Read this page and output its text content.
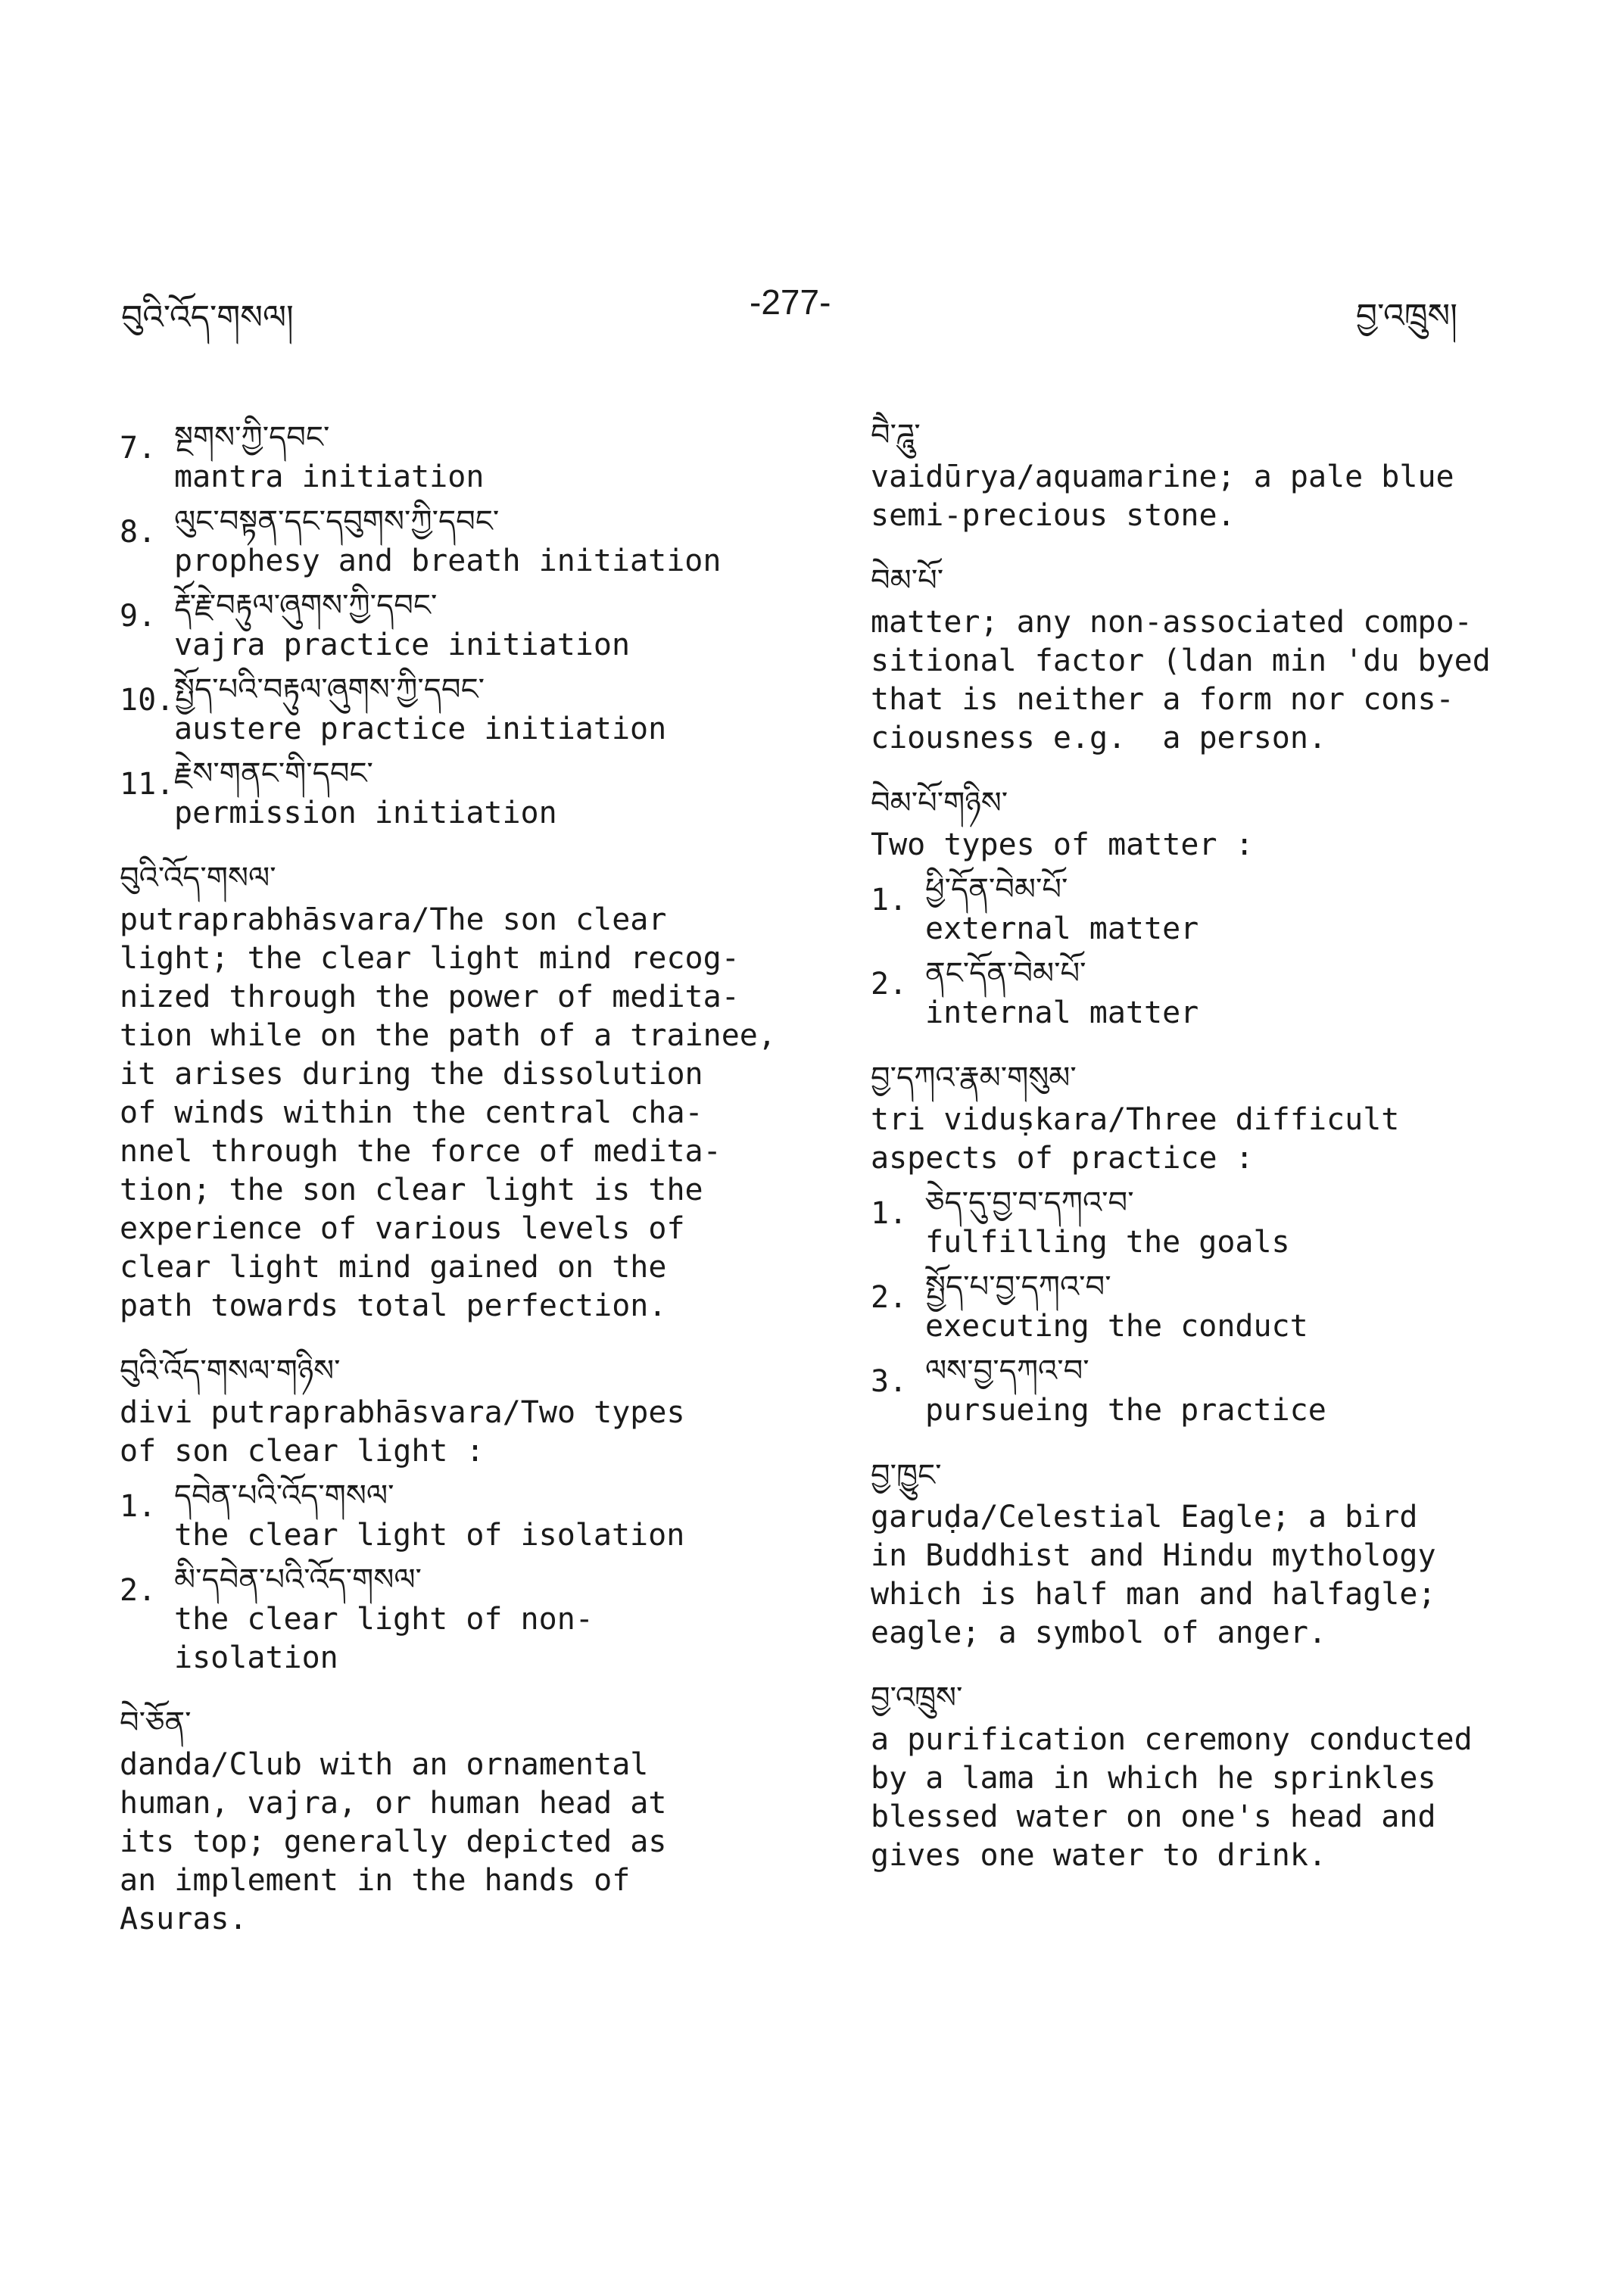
བུའི་འོད་གསལ།	-277-	བྱ་འཁྲུས།
7. སྔགས་ཀྱི་དབང་

mantra initiation

8. ལུང་བསྟན་དང་དབུགས་ཀྱི་དབང་

prophesy and breath initiation

9. རྡོ་རྗེ་བརྟུལ་ཞུགས་ཀྱི་དབང་

vajra practice initiation

10. སྤྱོད་པའི་བརྟུལ་ཞུགས་ཀྱི་དབང་

austere practice initiation

11. རྗེས་གནང་གི་དབང་

permission initiation

བུའི་འོད་གསལ་

putraprabhāsvara/The son clear
light; the clear light mind recog-
nized through the power of medita-
tion while on the path of a trainee,
it arises during the dissolution
of winds within the central cha-
nnel through the force of medita-
tion; the son clear light is the
experience of various levels of
clear light mind gained on the
path towards total perfection.

བུའི་འོད་གསལ་གཉིས་

divi putraprabhāsvara/Two types
of son clear light :

1. དབེན་པའི་འོད་གསལ་

the clear light of isolation

2. མི་དབེན་པའི་འོད་གསལ་

the clear light of non-
isolation

བེ་ཅོན་

danda/Club with an ornamental
human, vajra, or human head at
its top; generally depicted as
an implement in the hands of
Asuras.

བཻ་ཌཱུ་

vaidūrya/aquamarine; a pale blue
semi-precious stone.

བེམ་པོ་

matter; any non-associated compo-
sitional factor (ldan min 'du byed
that is neither a form nor cons-
ciousness e.g.  a person.

བེམ་པོ་གཉིས་

Two types of matter :

1. ཕྱི་དོན་བེམ་པོ་

external matter

2. ནང་དོན་བེམ་པོ་

internal matter

བྱ་དཀའ་རྣམ་གསུམ་

tri viduṣkara/Three difficult
aspects of practice :

1. ཅེད་དུ་བྱ་བ་དཀའ་བ་

fulfilling the goals

2. སྤྱོད་པ་བྱ་དཀའ་བ་

executing the conduct

3. ལས་བྱ་དཀའ་བ་

pursueing the practice

བྱ་ཁྱུང་

garuḍa/Celestial Eagle; a bird
in Buddhist and Hindu mythology
which is half man and halfagle;
eagle; a symbol of anger.

བྱ་འཁྲུས་

a purification ceremony conducted
by a lama in which he sprinkles
blessed water on one's head and
gives one water to drink.
